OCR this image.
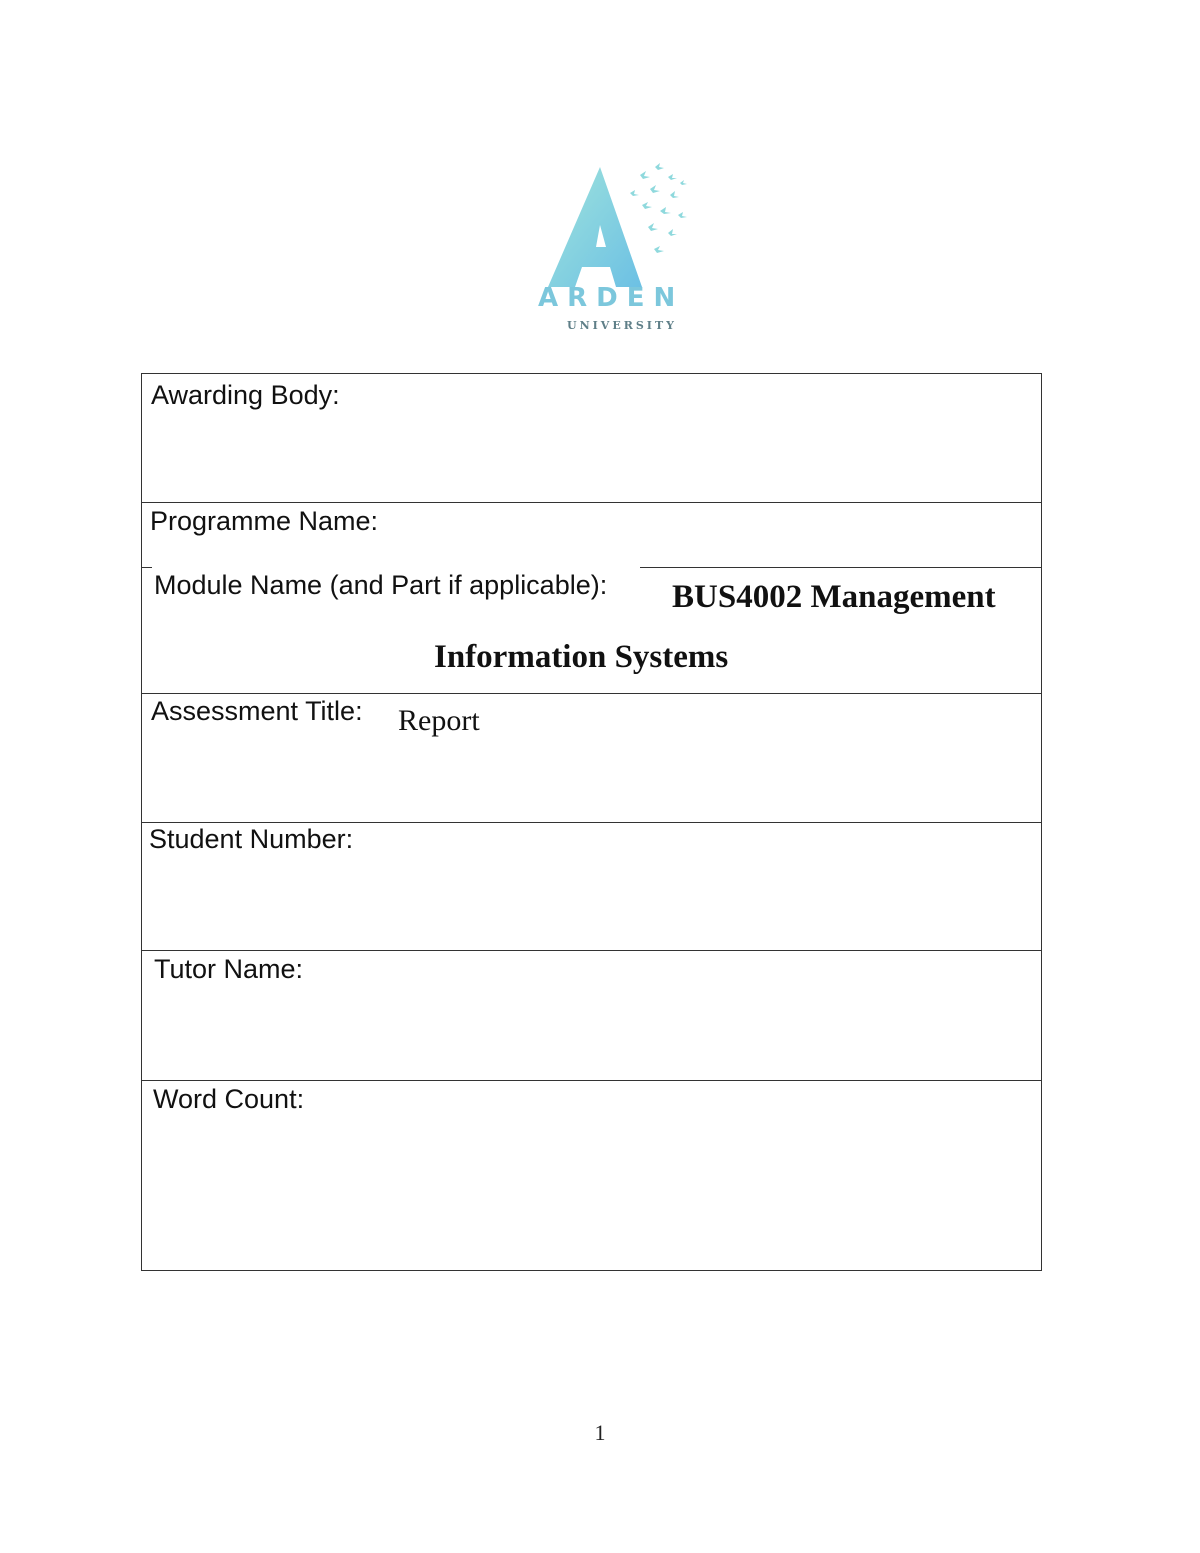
ARDEN
UNIVERSITY
Awarding Body:
Programme Name:
Module Name (and Part if applicable): BUS4002 Management
Information Systems
Assessment Title: Report
Student Number:
Tutor Name:
Word Count:
1
